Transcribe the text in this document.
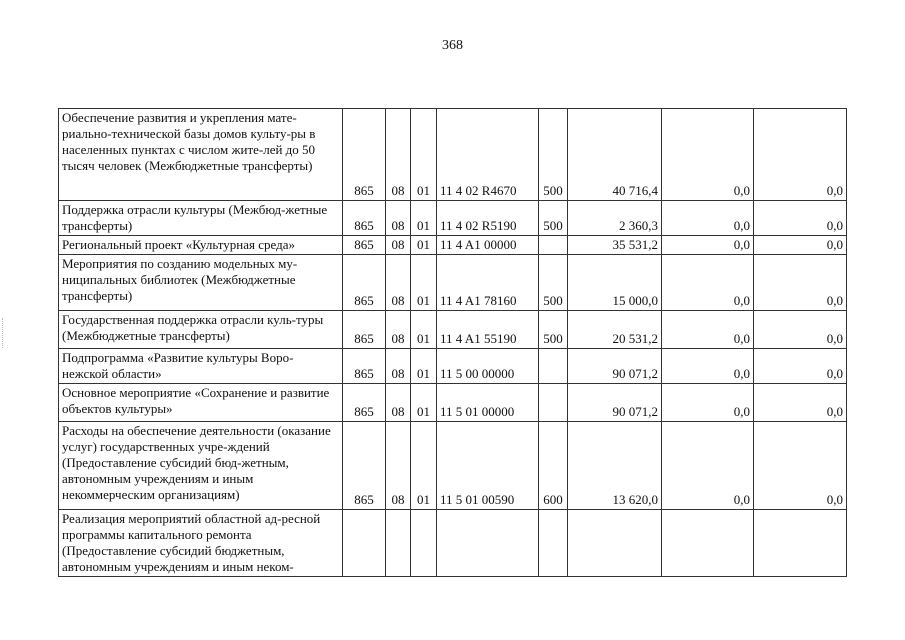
368
Обеспечение развития и укрепления мате-риально-технической базы домов культу-ры в населенных пунктах с числом жите-лей до 50 тысяч человек (Межбюджетные трансферты)	865	08	01	11 4 02 R4670	500	40 716,4	0,0	0,0
Поддержка отрасли культуры (Межбюд-жетные трансферты)	865	08	01	11 4 02 R5190	500	2 360,3	0,0	0,0
Региональный проект «Культурная среда»	865	08	01	11 4 A1 00000		35 531,2	0,0	0,0
Мероприятия по созданию модельных му-ниципальных библиотек (Межбюджетные трансферты)	865	08	01	11 4 A1 78160	500	15 000,0	0,0	0,0
Государственная поддержка отрасли куль-туры (Межбюджетные трансферты)	865	08	01	11 4 A1 55190	500	20 531,2	0,0	0,0
Подпрограмма «Развитие культуры Воро-нежской области»	865	08	01	11 5 00 00000		90 071,2	0,0	0,0
Основное мероприятие «Сохранение и развитие объектов культуры»	865	08	01	11 5 01 00000		90 071,2	0,0	0,0
Расходы на обеспечение деятельности (оказание услуг) государственных учре-ждений (Предоставление субсидий бюд-жетным, автономным учреждениям и иным некоммерческим организациям)	865	08	01	11 5 01 00590	600	13 620,0	0,0	0,0
Реализация мероприятий областной ад-ресной программы капитального ремонта (Предоставление субсидий бюджетным, автономным учреждениям и иным неком-								
